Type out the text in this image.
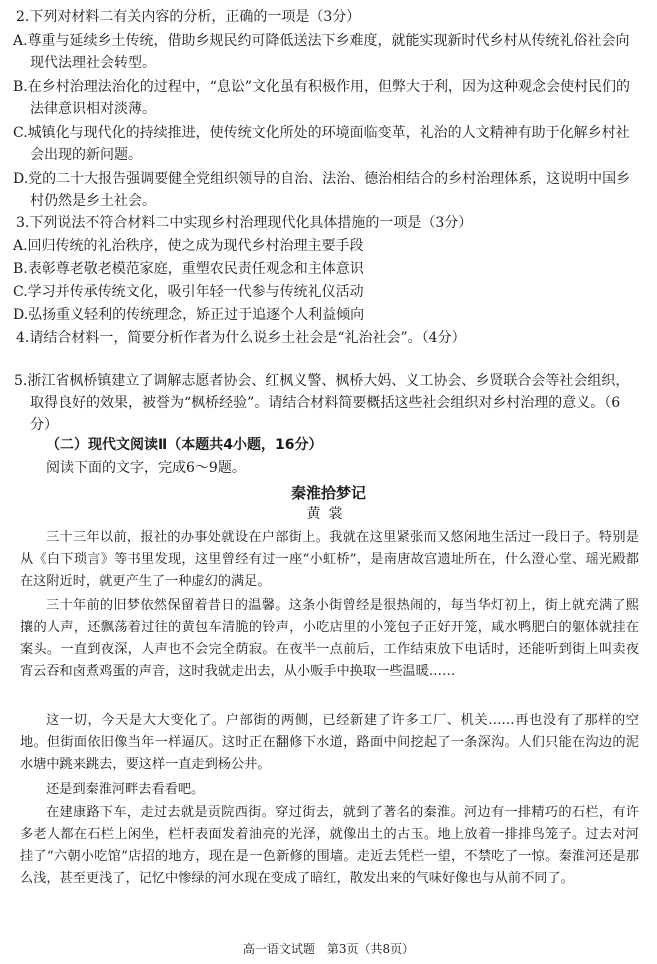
2.下列对材料二有关内容的分析，正确的一项是（3分）
A.尊重与延续乡土传统，借助乡规民约可降低送法下乡难度，就能实现新时代乡村从传统礼俗社会向现代法理社会转型。
B.在乡村治理法治化的过程中，“息讼”文化虽有积极作用，但弊大于利，因为这种观念会使村民们的法律意识相对淡薄。
C.城镇化与现代化的持续推进，使传统文化所处的环境面临变革，礼治的人文精神有助于化解乡村社会出现的新问题。
D.党的二十大报告强调要健全党组织领导的自治、法治、德治相结合的乡村治理体系，这说明中国乡村仍然是乡土社会。
3.下列说法不符合材料二中实现乡村治理现代化具体措施的一项是（3分）
A.回归传统的礼治秩序，使之成为现代乡村治理主要手段
B.表彰尊老敬老模范家庭，重塑农民责任观念和主体意识
C.学习并传承传统文化，吸引年轻一代参与传统礼仪活动
D.弘扬重义轻利的传统理念，矫正过于追逐个人利益倾向
4.请结合材料一，简要分析作者为什么说乡土社会是“礼治社会”。（4分）
5.浙江省枫桥镇建立了调解志愿者协会、红枫义警、枫桥大妈、义工协会、乡贤联合会等社会组织，取得良好的效果，被誉为“枫桥经验”。请结合材料简要概括这些社会组织对乡村治理的意义。（6分）
（二）现代文阅读Ⅱ（本题共4小题，16分）
阅读下面的文字，完成6～9题。
秦淮拾梦记
黄裳
三十三年以前，报社的办事处就设在户部街上。我就在这里紧张而又悠闲地生活过一段日子。特别是从《白下琐言》等书里发现，这里曾经有过一座“小虹桥”，是南唐故宫遗址所在，什么澄心堂、瑶光殿都在这附近时，就更产生了一种虚幻的满足。
三十年前的旧梦依然保留着昔日的温馨。这条小街曾经是很热闹的，每当华灯初上，街上就充满了熙攘的人声，还飘荡着过往的黄包车清脆的铃声，小吃店里的小笼包子正好开笼，咸水鸭肥白的躯体就挂在案头。一直到夜深，人声也不会完全荫寂。在夜半一点前后，工作结束放下电话时，还能听到街上叫卖夜宵云吞和卤煮鸡蛋的声音，这时我就走出去，从小贩手中换取一些温暖……
这一切，今天是大大变化了。户部街的两侧，已经新建了许多工厂、机关……再也没有了那样的空地。但街面依旧像当年一样逼仄。这时正在翻修下水道，路面中间挖起了一条深沟。人们只能在沟边的泥水塘中跳来跳去，要这样一直走到杨公井。
还是到秦淮河畔去看看吧。
在建康路下车，走过去就是贡院西街。穿过街去，就到了著名的秦淮。河边有一排精巧的石栏，有许多老人都在石栏上闲坐，栏杆表面发着油亮的光泽，就像出土的古玉。地上放着一排排鸟笼子。过去对河挂了“六朝小吃馆”店招的地方，现在是一色新修的围墙。走近去凭栏一望，不禁吃了一惊。秦淮河还是那么浅，甚至更浅了，记忆中惨绿的河水现在变成了暗红，散发出来的气味好像也与从前不同了。
高一语文试题　第3页（共8页）
